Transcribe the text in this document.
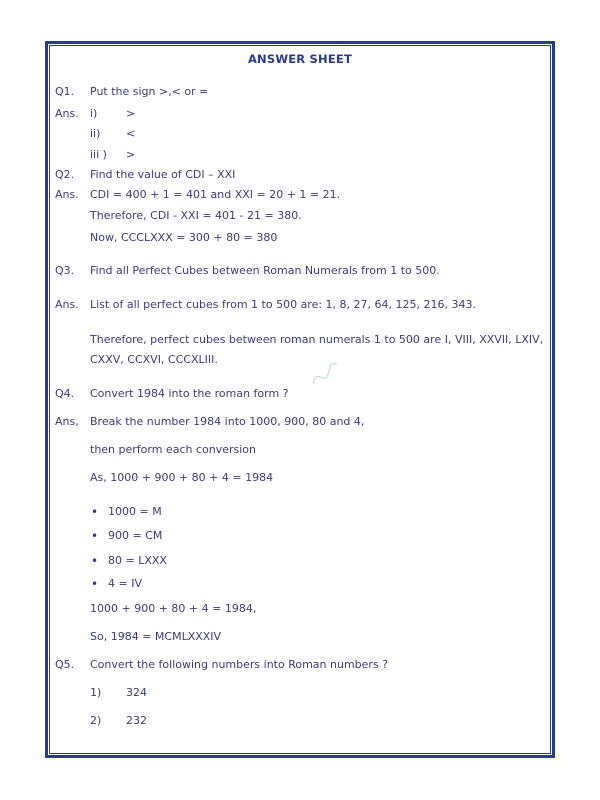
ANSWER SHEET
Q1. Put the sign >,< or =
Ans. i)	>
ii) <
iii ) >
Q2. Find the value of CDI – XXI
Ans. CDI = 400 + 1 = 401 and XXI = 20 + 1 = 21.
Therefore, CDI - XXI = 401 - 21 = 380.
Now, CCCLXXX = 300 + 80 = 380
Q3. Find all Perfect Cubes between Roman Numerals from 1 to 500.
Ans. List of all perfect cubes from 1 to 500 are: 1, 8, 27, 64, 125, 216, 343.
Therefore, perfect cubes between roman numerals 1 to 500 are I, VIII, XXVII, LXIV,
CXXV, CCXVI, CCCXLIII.
Q4. Convert 1984 into the roman form ?
Ans, Break the number 1984 into 1000, 900, 80 and 4,
then perform each conversion
As, 1000 + 900 + 80 + 4 = 1984
• 1000 = M
• 900 = CM
• 80 = LXXX
• 4 = IV
1000 + 900 + 80 + 4 = 1984,
So, 1984 = MCMLXXXIV
Q5. Convert the following numbers into Roman numbers ?
1) 324
2) 232
